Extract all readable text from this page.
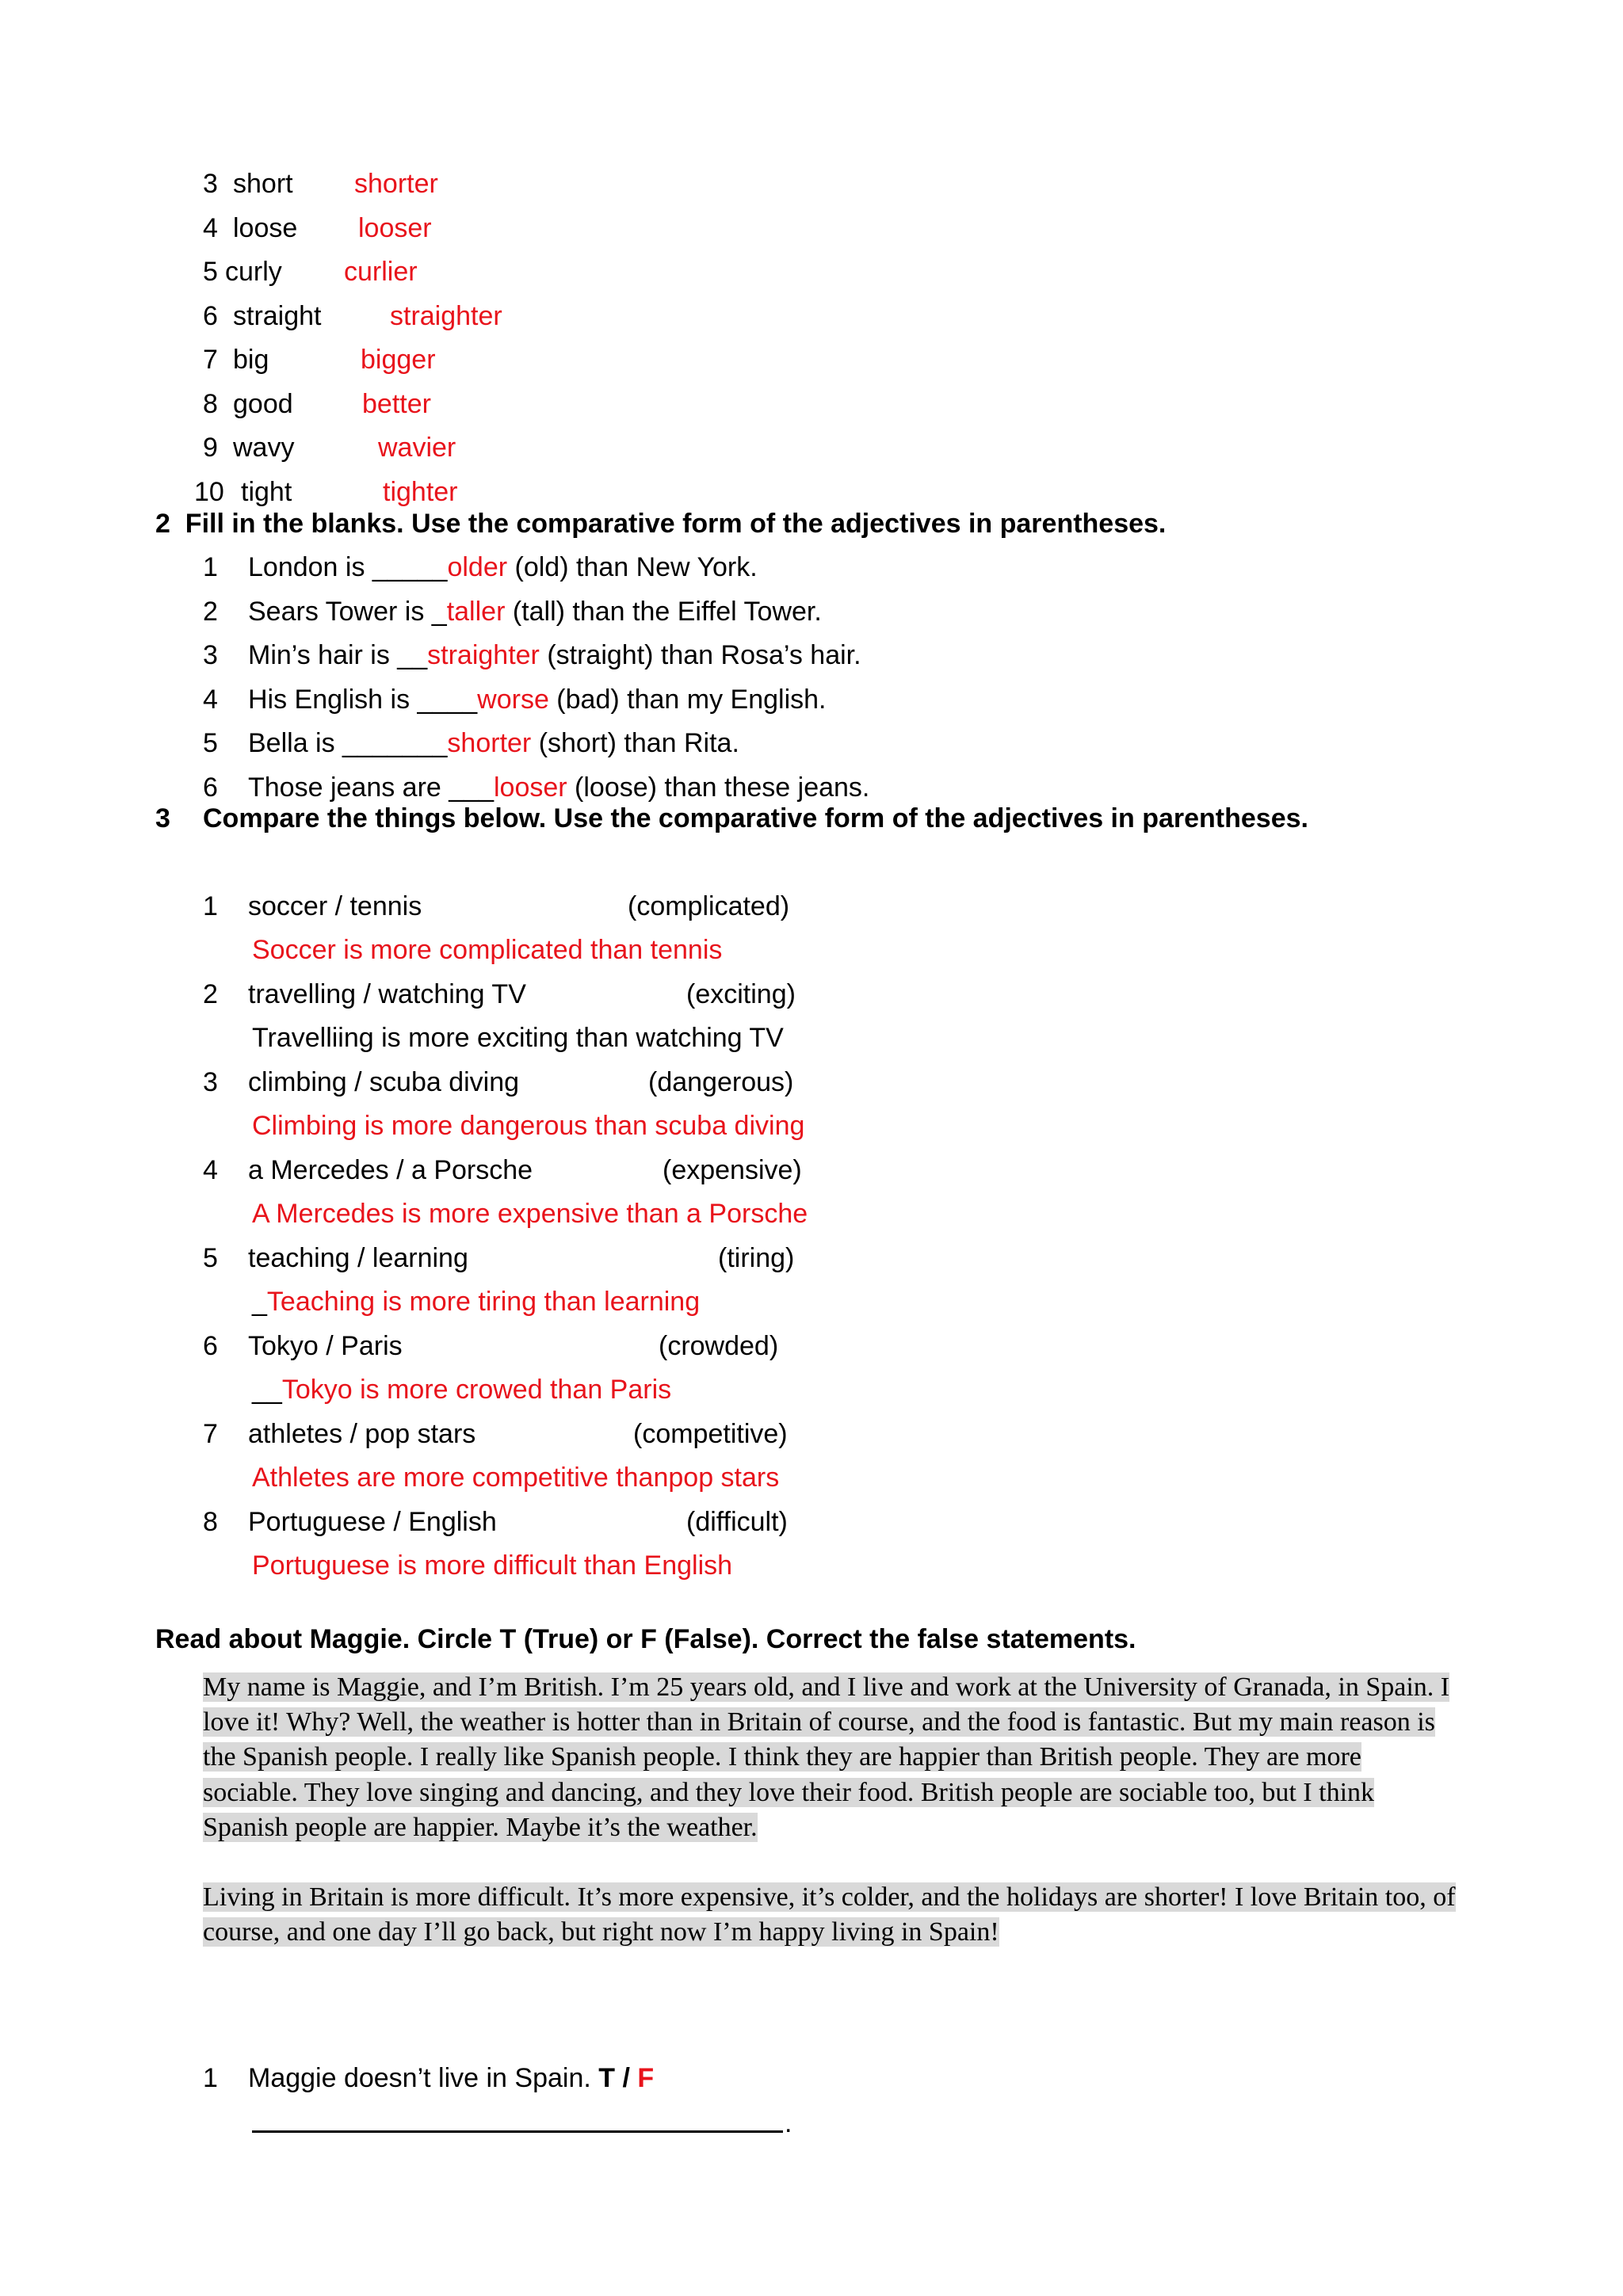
3 short shorter
4 loose looser
5 curly curlier
6 straight	straighter
7 big	bigger
8 good	better
9 wavy	wavier
10 tight	tighter
2  Fill in the blanks. Use the comparative form of the adjectives in parentheses.
1 London is _____older (old) than New York.
2 Sears Tower is _taller (tall) than the Eiffel Tower.
3 Min’s hair is __straighter (straight) than Rosa’s hair.
4 His English is ____worse (bad) than my English.
5 Bella is _______shorter (short) than Rita.
6 Those jeans are ___looser (loose) than these jeans.
3 Compare the things below. Use the comparative form of the adjectives in parentheses.
1 soccer / tennis	(complicated)
Soccer is more complicated than tennis
2 travelling / watching TV	(exciting)
Travelliing is more exciting than watching TV
3 climbing / scuba diving	(dangerous)
Climbing is more dangerous than scuba diving
4 a Mercedes / a Porsche	(expensive)
A Mercedes is more expensive than a Porsche
5 teaching / learning	(tiring)
_Teaching is more tiring than learning
6 Tokyo / Paris	(crowded)
__Tokyo is more crowed than Paris
7 athletes / pop stars	(competitive)
Athletes are more competitive thanpop stars
8 Portuguese / English	(difficult)
Portuguese is more difficult than English
Read about Maggie. Circle T (True) or F (False). Correct the false statements.
My name is Maggie, and I’m British. I’m 25 years old, and I live and work at the University of Granada, in Spain. I
love it! Why? Well, the weather is hotter than in Britain of course, and the food is fantastic. But my main reason is
the Spanish people. I really like Spanish people. I think they are happier than British people. They are more
sociable. They love singing and dancing, and they love their food. British people are sociable too, but I think
Spanish people are happier. Maybe it’s the weather.
Living in Britain is more difficult. It’s more expensive, it’s colder, and the holidays are shorter! I love Britain too, of
course, and one day I’ll go back, but right now I’m happy living in Spain!
1 Maggie doesn’t live in Spain. T / F
.
